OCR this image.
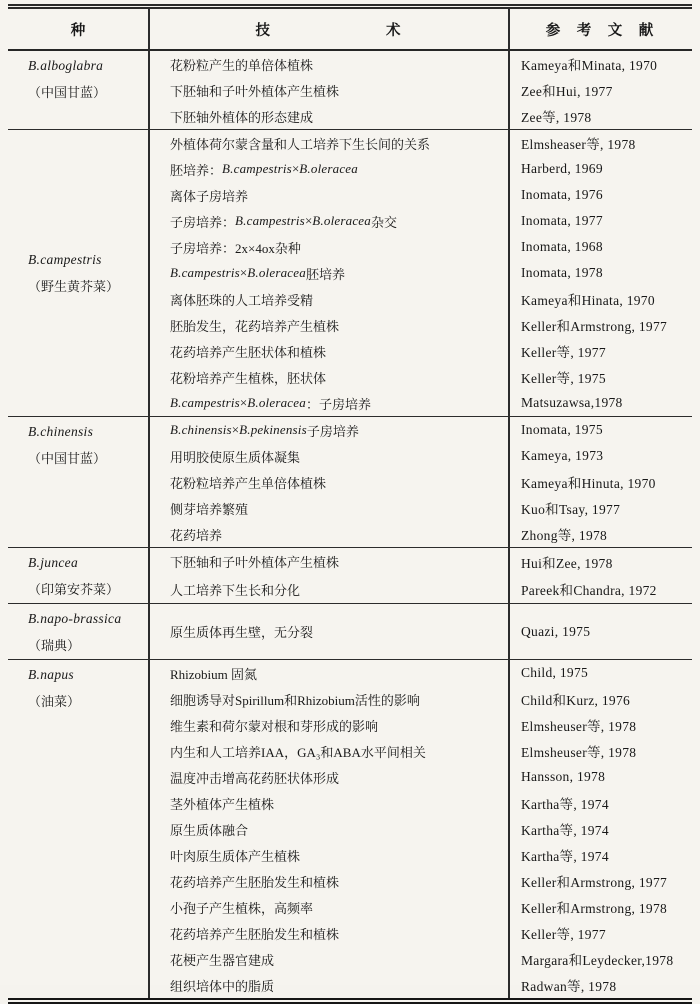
种	技　　　　　　　　术	参　考　文　献
B.alboglabra
（中国甘蓝）
花粉粒产生的单倍体植株	Kameya和Minata, 1970
下胚轴和子叶外植体产生植株	Zee和Hui, 1977
下胚轴外植体的形态建成	Zee等, 1978
B.campestris
（野生黄芥菜）
外植体荷尔蒙含量和人工培养下生长间的关系	Elmsheaser等, 1978
胚培养： B.campestris × B.oleracea	Harberd, 1969
离体子房培养	Inomata, 1976
子房培养： B.campestris × B.oleracea 杂交	Inomata, 1977
子房培养：2x×4ox杂种	Inomata, 1968
B.campestris × B.oleracea 胚培养	Inomata, 1978
离体胚珠的人工培养受精	Kameya和Hinata, 1970
胚胎发生，花药培养产生植株	Keller和Armstrong, 1977
花药培养产生胚状体和植株	Keller等, 1977
花粉培养产生植株，胚状体	Keller等, 1975
B.campestris × B.oleracea ：子房培养	Matsuzawsa,1978
B.chinensis
（中国甘蓝）
B.chinensis × B.pekinensis 子房培养	Inomata, 1975
用明胶使原生质体凝集	Kameya, 1973
花粉粒培养产生单倍体植株	Kameya和Hinuta, 1970
侧芽培养繁殖	Kuo和Tsay, 1977
花药培养	Zhong等, 1978
B.juncea
（印第安芥菜）
下胚轴和子叶外植体产生植株	Hui和Zee, 1978
人工培养下生长和分化	Pareek和Chandra, 1972
B.napo-brassica
（瑞典）
原生质体再生壁，无分裂	Quazi, 1975
B.napus
（油菜）
Rhizobium 固氮	Child, 1975
细胞诱导对Spirillum和Rhizobium活性的影响	Child和Kurz, 1976
维生素和荷尔蒙对根和芽形成的影响	Elmsheuser等, 1978
内生和人工培养IAA，GA₃和ABA水平间相关	Elmsheuser等, 1978
温度冲击增高花药胚状体形成	Hansson, 1978
茎外植体产生植株	Kartha等, 1974
原生质体融合	Kartha等, 1974
叶肉原生质体产生植株	Kartha等, 1974
花药培养产生胚胎发生和植株	Keller和Armstrong, 1977
小孢子产生植株，高频率	Keller和Armstrong, 1978
花药培养产生胚胎发生和植株	Keller等, 1977
花梗产生器官建成	Margara和Leydecker,1978
组织培体中的脂质	Radwan等, 1978
